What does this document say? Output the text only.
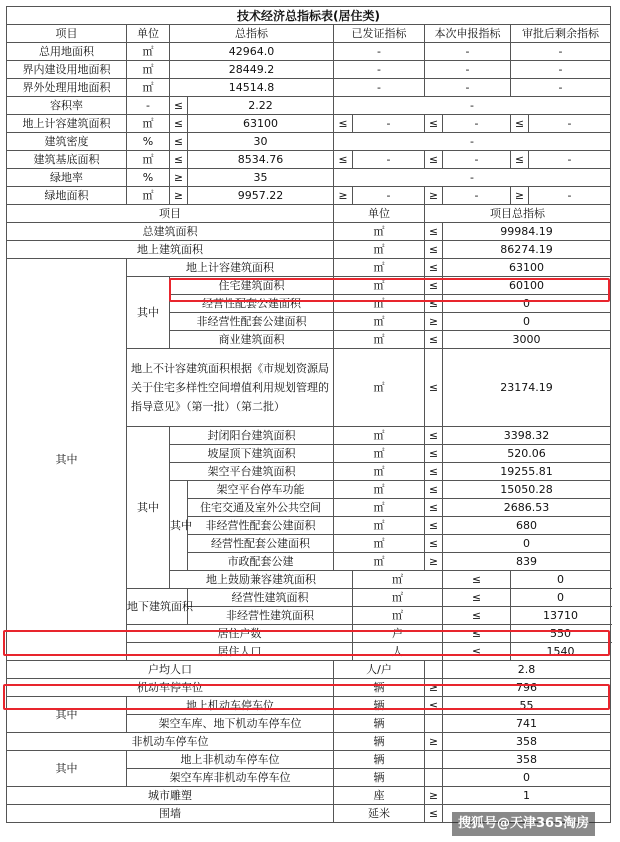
技术经济总指标表(居住类)									
项目	单位	总指标		已发证指标		本次申报指标		审批后剩余指标	
总用地面积	㎡	42964.0		-		-		-	
界内建设用地面积	㎡	28449.2		-		-		-	
界外处理用地面积	㎡	14514.8		-		-		-	
容积率	-	≤	2.22	-					
地上计容建筑面积	㎡	≤	63100	≤	-	≤	-	≤	-
建筑密度	%	≤	30	-					
建筑基底面积	㎡	≤	8534.76	≤	-	≤	-	≤	-
绿地率	%	≥	35	-					
绿地面积	㎡	≥	9957.22	≥	-	≥	-	≥	-
项目				单位		项目总指标			
总建筑面积				㎡		≤	99984.19		
地上建筑面积				㎡		≤	86274.19		
其中	地上计容建筑面积			㎡		≤	63100		
	其中	住宅建筑面积		㎡		≤	60100		
		经营性配套公建面积		㎡		≤	0		
		非经营性配套公建面积		㎡		≥	0		
		商业建筑面积		㎡		≤	3000		
	地上不计容建筑面积根据《市规划资源局关于住宅多样性空间增值利用规划管理的指导意见》（第一批）（第二批）			㎡		≤	23174.19		
	其中	封闭阳台建筑面积		㎡		≤	3398.32		
		坡屋顶下建筑面积		㎡		≤	520.06		
		架空平台建筑面积		㎡		≤	19255.81		
		其中	架空平台停车功能	㎡		≤	15050.28		
			住宅交通及室外公共空间	㎡		≤	2686.53		
			非经营性配套公建面积	㎡		≤	680		
			经营性配套公建面积	㎡		≤	0		
			市政配套公建	㎡		≥	839		
		地上鼓励兼容建筑面积			㎡		≤	0	
	地下建筑面积		经营性建筑面积		㎡		≤	0	
			非经营性建筑面积		㎡		≤	13710	
	居住户数				户		≤	550	
	居住人口				人		≤	1540	
户均人口				人/户			2.8		
机动车停车位				辆		≥	796		
其中	地上机动车停车位			辆		≤	55		
	架空车库、地下机动车停车位			辆			741		
非机动车停车位				辆		≥	358		
其中	地上非机动车停车位			辆			358		
	架空车库非机动车停车位			辆			0		
城市雕塑				座		≥	1		
围墙				延米		≤			
搜狐号@天津365淘房
